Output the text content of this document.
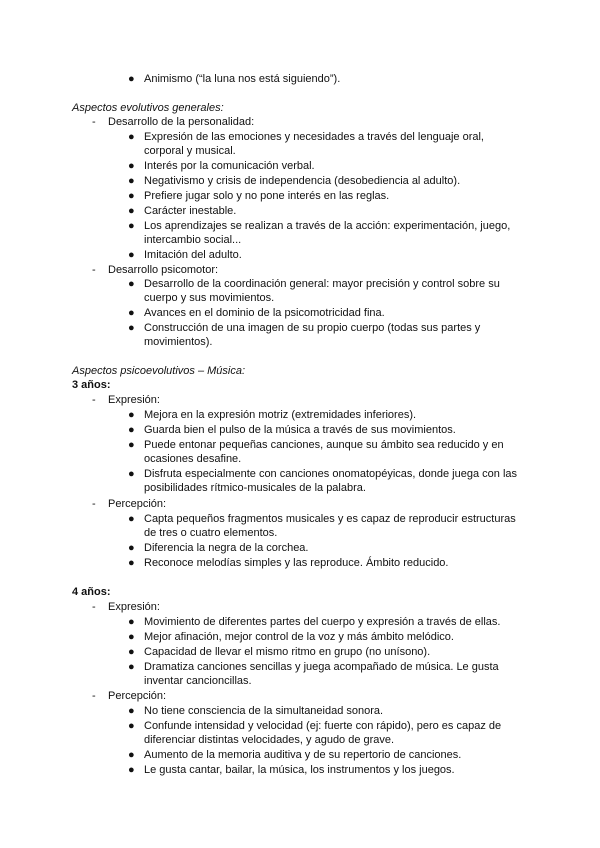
● Animismo (“la luna nos está siguiendo”).
Aspectos evolutivos generales:
- Desarrollo de la personalidad:
● Expresión de las emociones y necesidades a través del lenguaje oral,
corporal y musical.
● Interés por la comunicación verbal.
● Negativismo y crisis de independencia (desobediencia al adulto).
● Prefiere jugar solo y no pone interés en las reglas.
● Carácter inestable.
● Los aprendizajes se realizan a través de la acción: experimentación, juego,
intercambio social...
● Imitación del adulto.
- Desarrollo psicomotor:
● Desarrollo de la coordinación general: mayor precisión y control sobre su
cuerpo y sus movimientos.
● Avances en el dominio de la psicomotricidad fina.
● Construcción de una imagen de su propio cuerpo (todas sus partes y
movimientos).
Aspectos psicoevolutivos – Música:
3 años:
- Expresión:
● Mejora en la expresión motriz (extremidades inferiores).
● Guarda bien el pulso de la música a través de sus movimientos.
● Puede entonar pequeñas canciones, aunque su ámbito sea reducido y en
ocasiones desafine.
● Disfruta especialmente con canciones onomatopéyicas, donde juega con las
posibilidades rítmico-musicales de la palabra.
- Percepción:
● Capta pequeños fragmentos musicales y es capaz de reproducir estructuras
de tres o cuatro elementos.
● Diferencia la negra de la corchea.
● Reconoce melodías simples y las reproduce. Ámbito reducido.
4 años:
- Expresión:
● Movimiento de diferentes partes del cuerpo y expresión a través de ellas.
● Mejor afinación, mejor control de la voz y más ámbito melódico.
● Capacidad de llevar el mismo ritmo en grupo (no unísono).
● Dramatiza canciones sencillas y juega acompañado de música. Le gusta
inventar cancioncillas.
- Percepción:
● No tiene consciencia de la simultaneidad sonora.
● Confunde intensidad y velocidad (ej: fuerte con rápido), pero es capaz de
diferenciar distintas velocidades, y agudo de grave.
● Aumento de la memoria auditiva y de su repertorio de canciones.
● Le gusta cantar, bailar, la música, los instrumentos y los juegos.
